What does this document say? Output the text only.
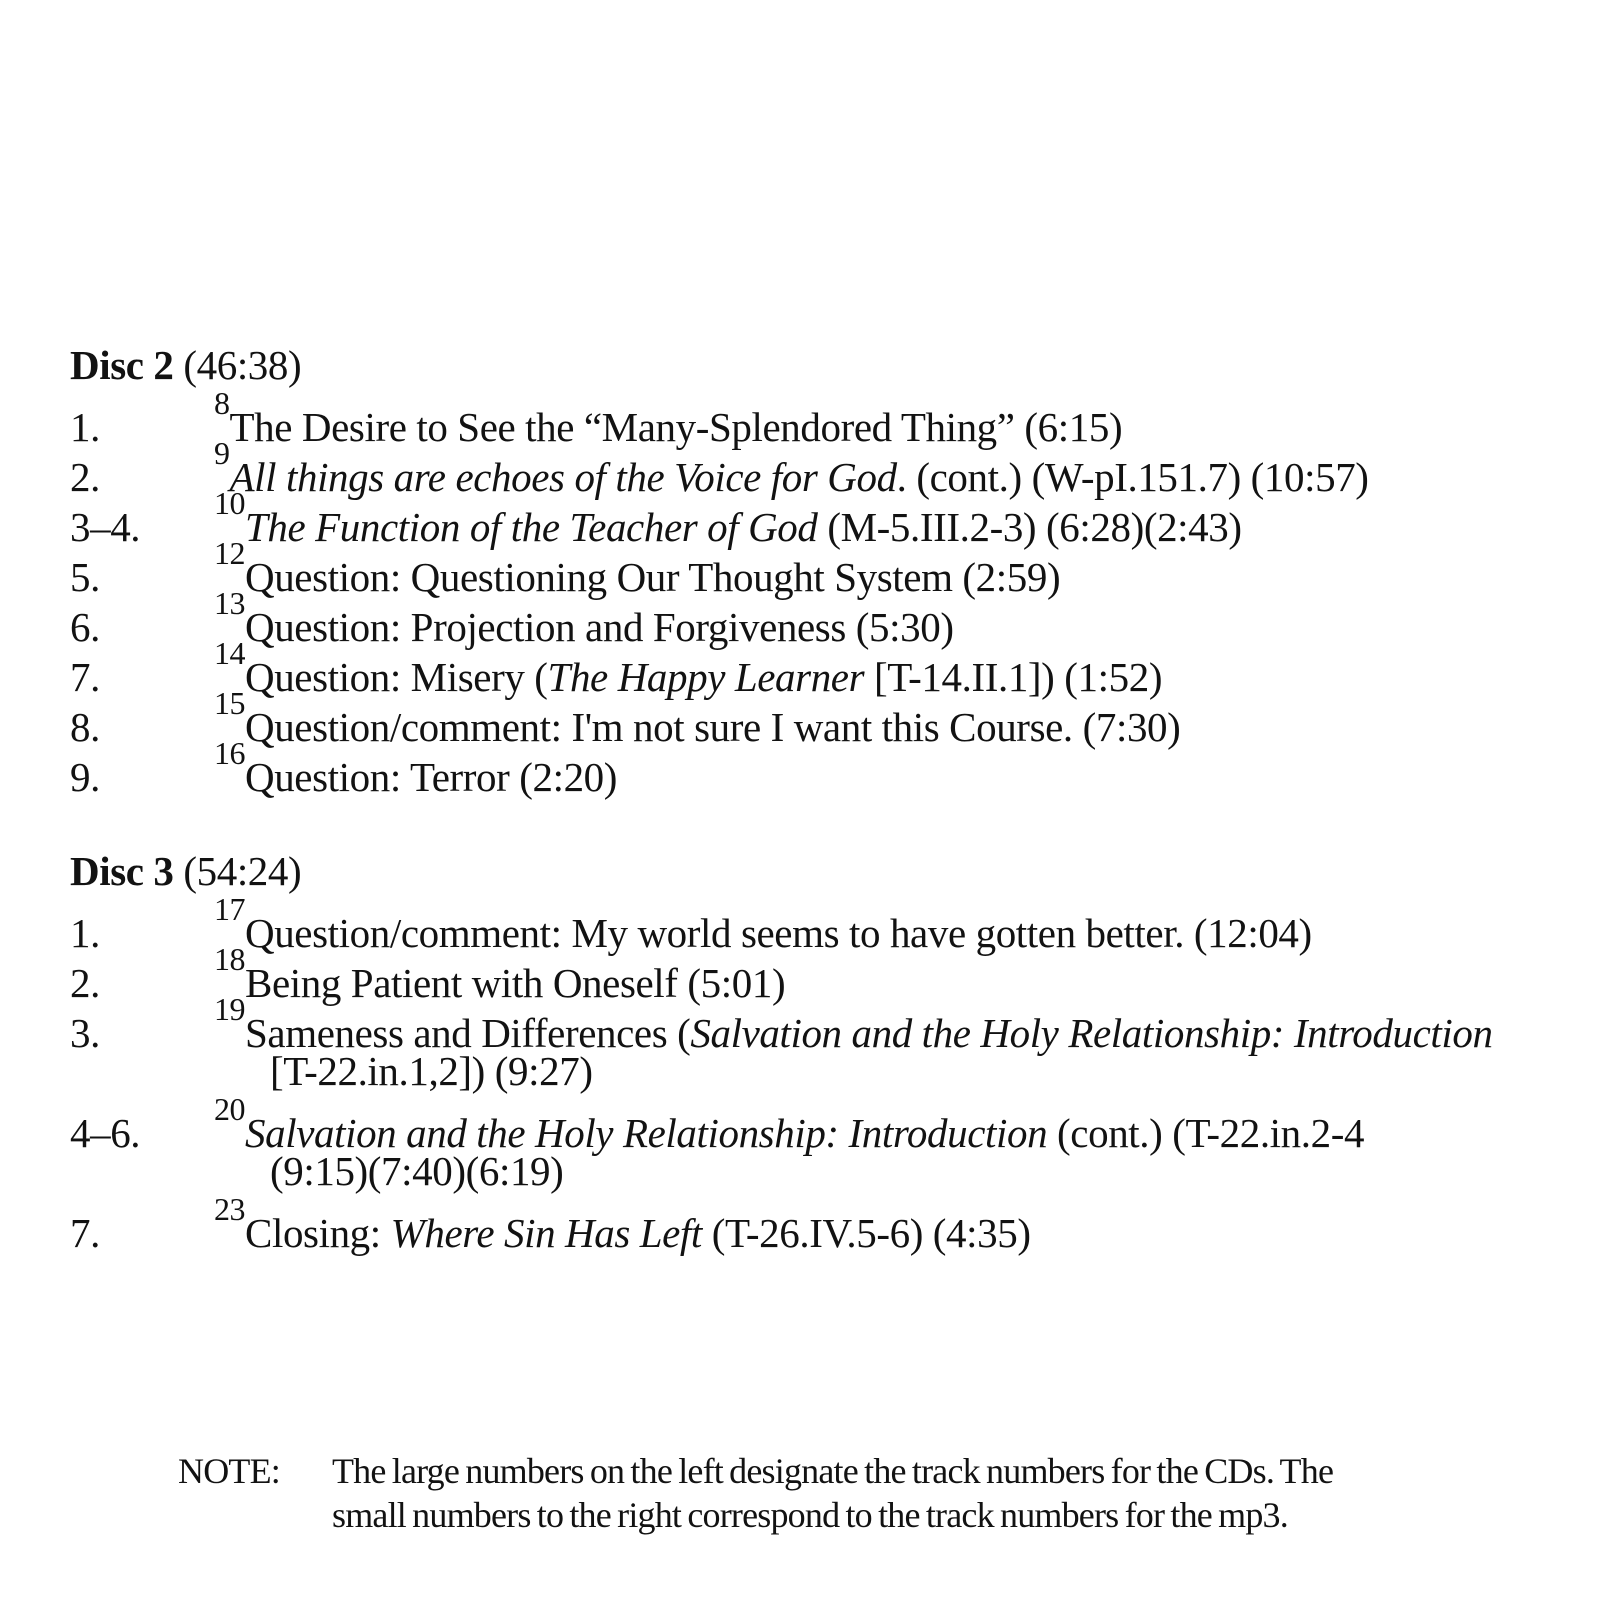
Disc 2 (46:38)
1.$^8$The Desire to See the “Many-Splendored Thing” (6:15)
2.$^9$All things are echoes of the Voice for God. (cont.) (W-pI.151.7) (10:57)
3–4.10The Function of the Teacher of God (M-5.III.2-3) (6:28)(2:43)
5.12Question: Questioning Our Thought System (2:59)
6.13Question: Projection and Forgiveness (5:30)
7.14Question: Misery (The Happy Learner [T-14.II.1]) (1:52)
8.15Question/comment: I'm not sure I want this Course. (7:30)
9.16Question: Terror (2:20)
Disc 3 (54:24)
1.17Question/comment: My world seems to have gotten better. (12:04)
2.18Being Patient with Oneself (5:01)
3.19Sameness and Differences (Salvation and the Holy Relationship: Introduction
[T-22.in.1,2]) (9:27)
4–6.20Salvation and the Holy Relationship: Introduction (cont.) (T-22.in.2-4
(9:15)(7:40)(6:19)
7.23Closing: Where Sin Has Left (T-26.IV.5-6) (4:35)
NOTE: The large numbers on the left designate the track numbers for the CDs. The
small numbers to the right correspond to the track numbers for the mp3.
